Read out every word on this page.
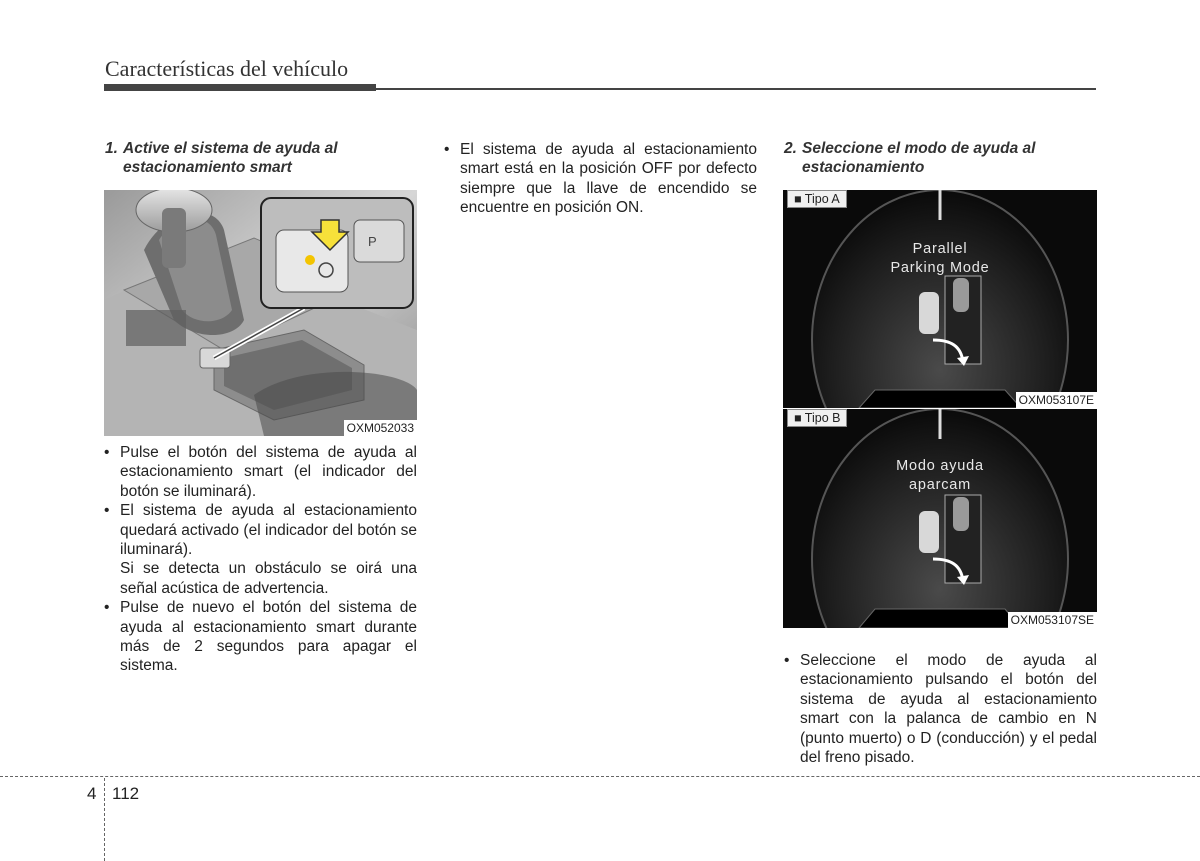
Características del vehículo
1. Active el sistema de ayuda al
estacionamiento smart
P
OXM052033
• Pulse el botón del sistema de ayuda al estacionamiento smart (el indicador del botón se iluminará).
• El sistema de ayuda al estacionamiento quedará activado (el indicador del botón se iluminará).
Si se detecta un obstáculo se oirá una señal acústica de advertencia.
• Pulse de nuevo el botón del sistema de ayuda al estacionamiento smart durante más de 2 segundos para apagar el sistema.
• El sistema de ayuda al estacionamiento smart está en la posición OFF por defecto siempre que la llave de encendido se encuentre en posición ON.
2. Seleccione el modo de ayuda al
estacionamiento
■ Tipo A
Parallel
Parking Mode
OXM053107E
■ Tipo B
Modo ayuda
aparcam
OXM053107SE
• Seleccione el modo de ayuda al estacionamiento pulsando el botón del sistema de ayuda al estacionamiento smart con la palanca de cambio en N (punto muerto) o D (conducción) y el pedal del freno pisado.
4 112
